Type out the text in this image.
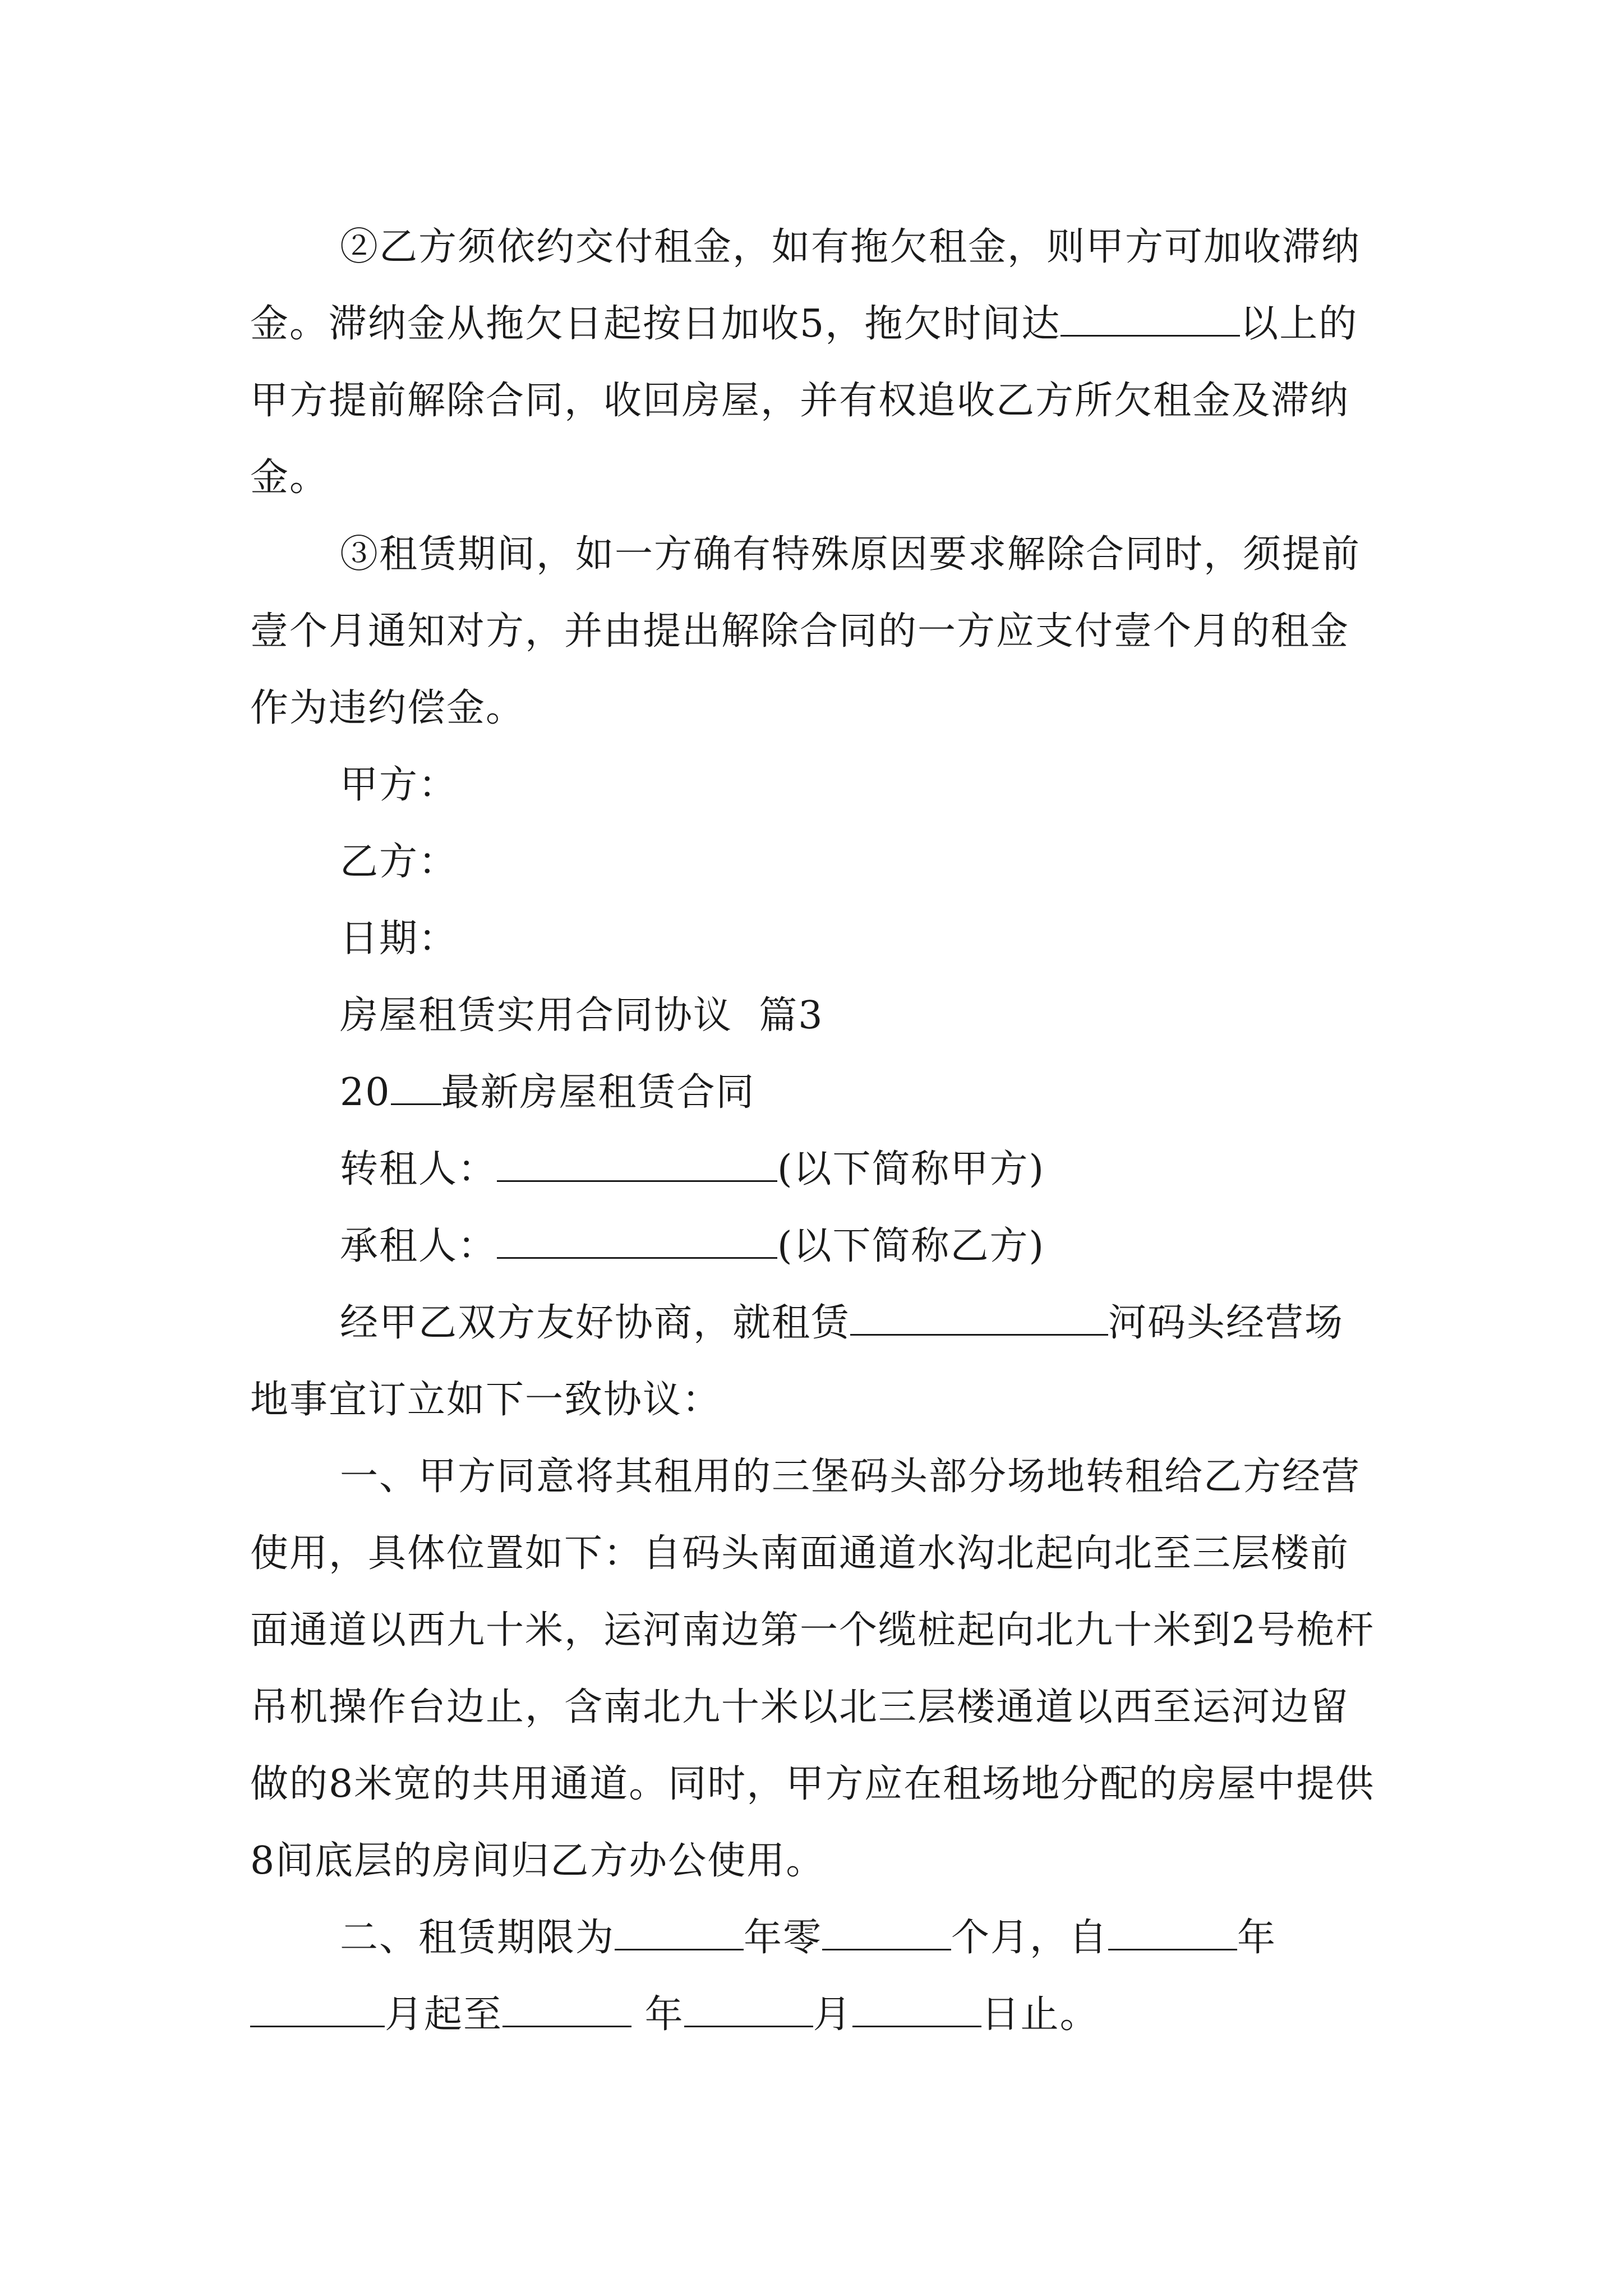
②乙方须依约交付租金，如有拖欠租金，则甲方可加收滞纳金。滞纳金从拖欠日起按日加收5，拖欠时间达	以上的甲方提前解除合同，收回房屋，并有权追收乙方所欠租金及滞纳金。

③租赁期间，如一方确有特殊原因要求解除合同时，须提前壹个月通知对方，并由提出解除合同的一方应支付壹个月的租金作为违约偿金。

甲方：

乙方：

日期：

房屋租赁实用合同协议  篇3

20 最新房屋租赁合同

转租人：	(以下简称甲方)

承租人：	(以下简称乙方)

经甲乙双方友好协商，就租赁	河码头经营场地事宜订立如下一致协议：

一、甲方同意将其租用的三堡码头部分场地转租给乙方经营使用，具体位置如下：自码头南面通道水沟北起向北至三层楼前面通道以西九十米，运河南边第一个缆桩起向北九十米到2号桅杆吊机操作台边止，含南北九十米以北三层楼通道以西至运河边留做的8米宽的共用通道。同时，甲方应在租场地分配的房屋中提供8间底层的房间归乙方办公使用。

二、租赁期限为	年零	个月，自	年月起至	年	月	日止。
